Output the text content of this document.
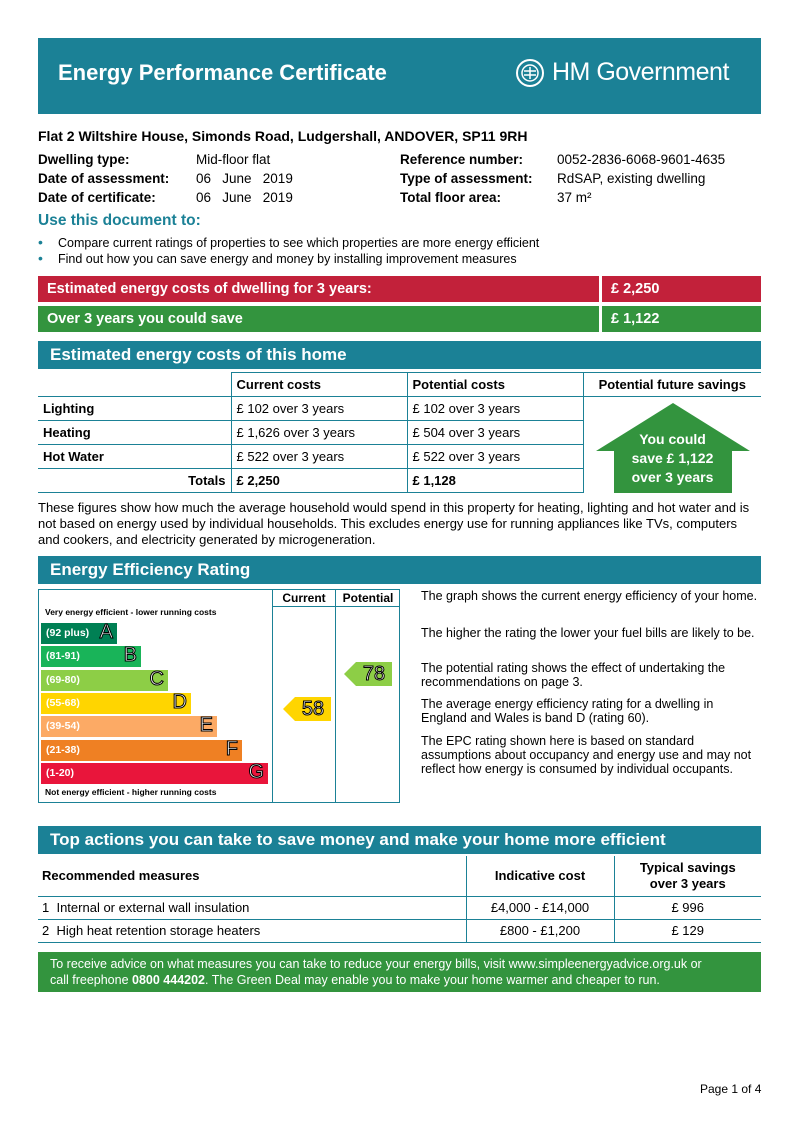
Energy Performance Certificate	HM Government
Flat 2 Wiltshire House, Simonds Road, Ludgershall, ANDOVER, SP11 9RH
Dwelling type:	Mid-floor flat
Date of assessment: 06   June   2019
Date of certificate:	06   June   2019
Reference number:	0052-2836-6068-9601-4635
Type of assessment: RdSAP, existing dwelling
Total floor area:	37 m²
Use this document to:
• Compare current ratings of properties to see which properties are more energy efficient
• Find out how you can save energy and money by installing improvement measures
Estimated energy costs of dwelling for 3 years:	£ 2,250
Over 3 years you could save	£ 1,122
Estimated energy costs of this home
	Current costs	Potential costs	Potential future savings
Lighting	£ 102 over 3 years	£ 102 over 3 years	You could
save £ 1,122
over 3 years

Heating	£ 1,626 over 3 years	£ 504 over 3 years	
Hot Water	£ 522 over 3 years	£ 522 over 3 years	
Totals	£ 2,250	£ 1,128	
These figures show how much the average household would spend in this property for heating, lighting and hot water and is not based on energy used by individual households. This excludes energy use for running appliances like TVs, computers and cookers, and electricity generated by microgeneration.
Energy Efficiency Rating
Current	Potential
Very energy efficient - lower running costs
Not energy efficient - higher running costs
(92 plus) A
(81-91) B
(69-80)	C
(55-68)	D
(39-54)	E
(21-38)	F
(1-20)	G
58
78
The graph shows the current energy efficiency of your home.
The higher the rating the lower your fuel bills are likely to be.
The potential rating shows the effect of undertaking the recommendations on page 3.
The average energy efficiency rating for a dwelling in England and Wales is band D (rating 60).
The EPC rating shown here is based on standard assumptions about occupancy and energy use and may not reflect how energy is consumed by individual occupants.
Top actions you can take to save money and make your home more efficient
Recommended measures	Indicative cost	Typical savings
over 3 years

1 Internal or external wall insulation	£4,000 - £14,000	£ 996
2 High heat retention storage heaters	£800 - £1,200	£ 129
To receive advice on what measures you can take to reduce your energy bills, visit www.simpleenergyadvice.org.uk or
call freephone 0800 444202. The Green Deal may enable you to make your home warmer and cheaper to run.
Page 1 of 4
